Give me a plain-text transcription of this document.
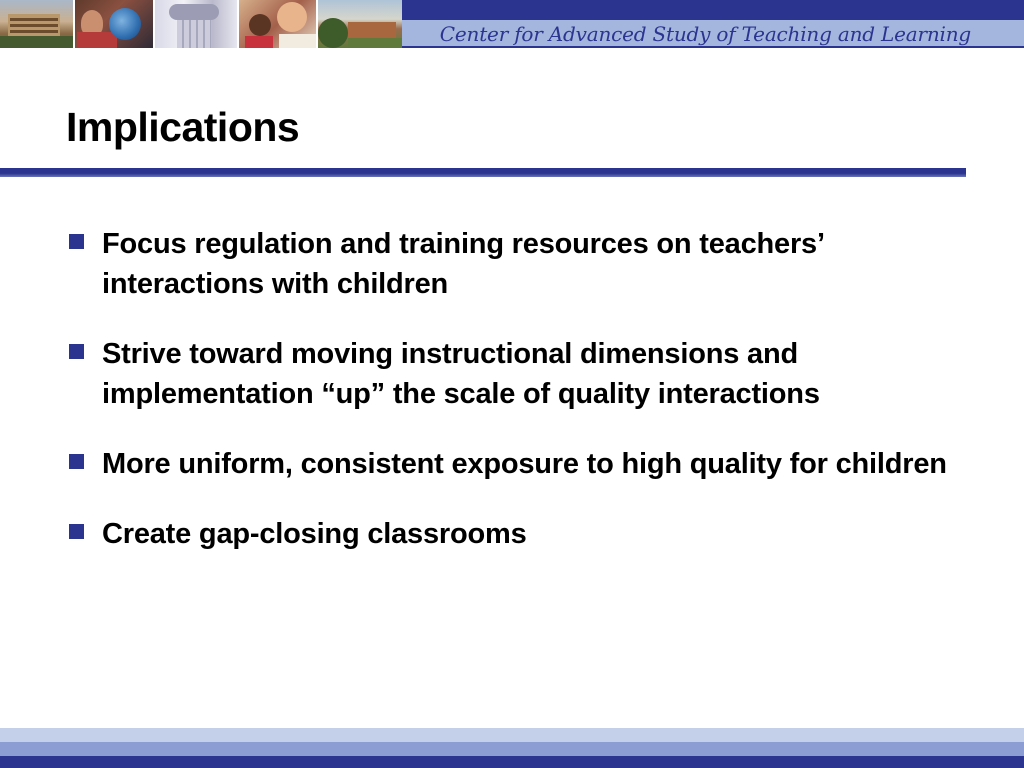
Center for Advanced Study of Teaching and Learning
Implications
Focus regulation and training resources on teachers’ interactions with children
Strive toward moving instructional dimensions and implementation “up” the scale of quality interactions
More uniform, consistent exposure to high quality for children
Create gap-closing classrooms
